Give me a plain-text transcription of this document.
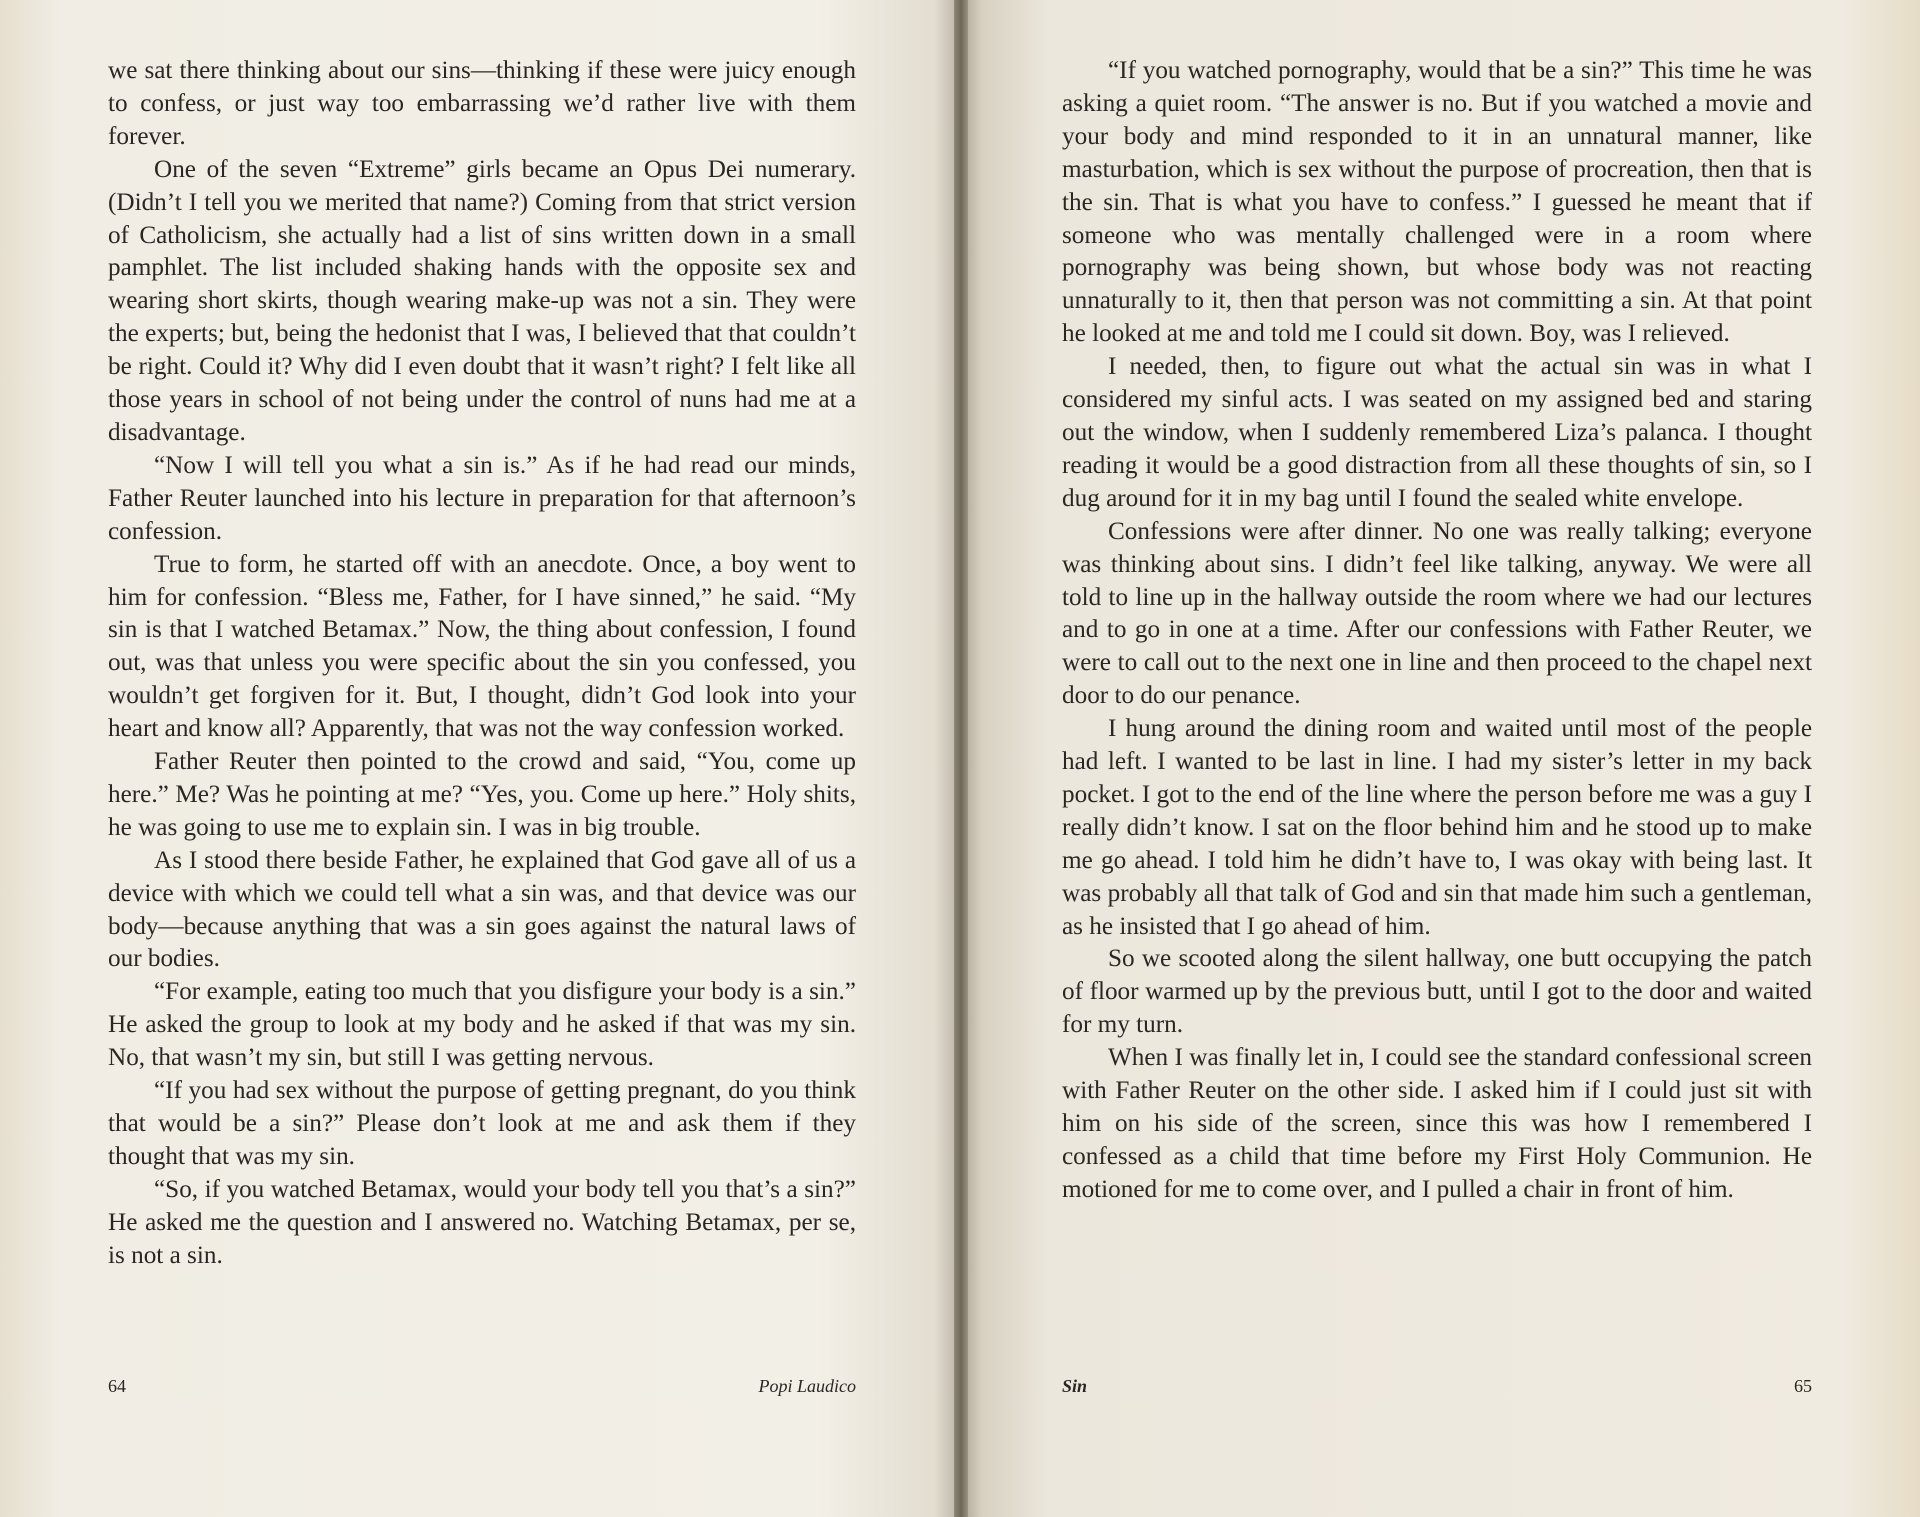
we sat there thinking about our sins—thinking if these were juicy enough to confess, or just way too embarrassing we’d rather live with them forever.

One of the seven “Extreme” girls became an Opus Dei numerary. (Didn’t I tell you we merited that name?) Coming from that strict version of Catholicism, she actually had a list of sins written down in a small pamphlet. The list included shaking hands with the opposite sex and wearing short skirts, though wearing make-up was not a sin. They were the experts; but, being the hedonist that I was, I believed that that couldn’t be right. Could it? Why did I even doubt that it wasn’t right? I felt like all those years in school of not being under the control of nuns had me at a disadvantage.

“Now I will tell you what a sin is.” As if he had read our minds, Father Reuter launched into his lecture in preparation for that afternoon’s confession.

True to form, he started off with an anecdote. Once, a boy went to him for confession. “Bless me, Father, for I have sinned,” he said. “My sin is that I watched Betamax.” Now, the thing about confession, I found out, was that unless you were specific about the sin you confessed, you wouldn’t get forgiven for it. But, I thought, didn’t God look into your heart and know all? Apparently, that was not the way confession worked.

Father Reuter then pointed to the crowd and said, “You, come up here.” Me? Was he pointing at me? “Yes, you. Come up here.” Holy shits, he was going to use me to explain sin. I was in big trouble.

As I stood there beside Father, he explained that God gave all of us a device with which we could tell what a sin was, and that device was our body—because anything that was a sin goes against the natural laws of our bodies.

“For example, eating too much that you disfigure your body is a sin.” He asked the group to look at my body and he asked if that was my sin. No, that wasn’t my sin, but still I was getting nervous.

“If you had sex without the purpose of getting pregnant, do you think that would be a sin?” Please don’t look at me and ask them if they thought that was my sin.

“So, if you watched Betamax, would your body tell you that’s a sin?” He asked me the question and I answered no. Watching Betamax, per se, is not a sin.

64	Popi Laudico

“If you watched pornography, would that be a sin?” This time he was asking a quiet room. “The answer is no. But if you watched a movie and your body and mind responded to it in an unnatural manner, like masturbation, which is sex without the purpose of procreation, then that is the sin. That is what you have to confess.” I guessed he meant that if someone who was mentally challenged were in a room where pornography was being shown, but whose body was not reacting unnaturally to it, then that person was not committing a sin. At that point he looked at me and told me I could sit down. Boy, was I relieved.

I needed, then, to figure out what the actual sin was in what I considered my sinful acts. I was seated on my assigned bed and staring out the window, when I suddenly remembered Liza’s palanca. I thought reading it would be a good distraction from all these thoughts of sin, so I dug around for it in my bag until I found the sealed white envelope.

Confessions were after dinner. No one was really talking; everyone was thinking about sins. I didn’t feel like talking, anyway. We were all told to line up in the hallway outside the room where we had our lectures and to go in one at a time. After our confessions with Father Reuter, we were to call out to the next one in line and then proceed to the chapel next door to do our penance.

I hung around the dining room and waited until most of the people had left. I wanted to be last in line. I had my sister’s letter in my back pocket. I got to the end of the line where the person before me was a guy I really didn’t know. I sat on the floor behind him and he stood up to make me go ahead. I told him he didn’t have to, I was okay with being last. It was probably all that talk of God and sin that made him such a gentleman, as he insisted that I go ahead of him.

So we scooted along the silent hallway, one butt occupying the patch of floor warmed up by the previous butt, until I got to the door and waited for my turn.

When I was finally let in, I could see the standard confessional screen with Father Reuter on the other side. I asked him if I could just sit with him on his side of the screen, since this was how I remembered I confessed as a child that time before my First Holy Communion. He motioned for me to come over, and I pulled a chair in front of him.

Sin	65
